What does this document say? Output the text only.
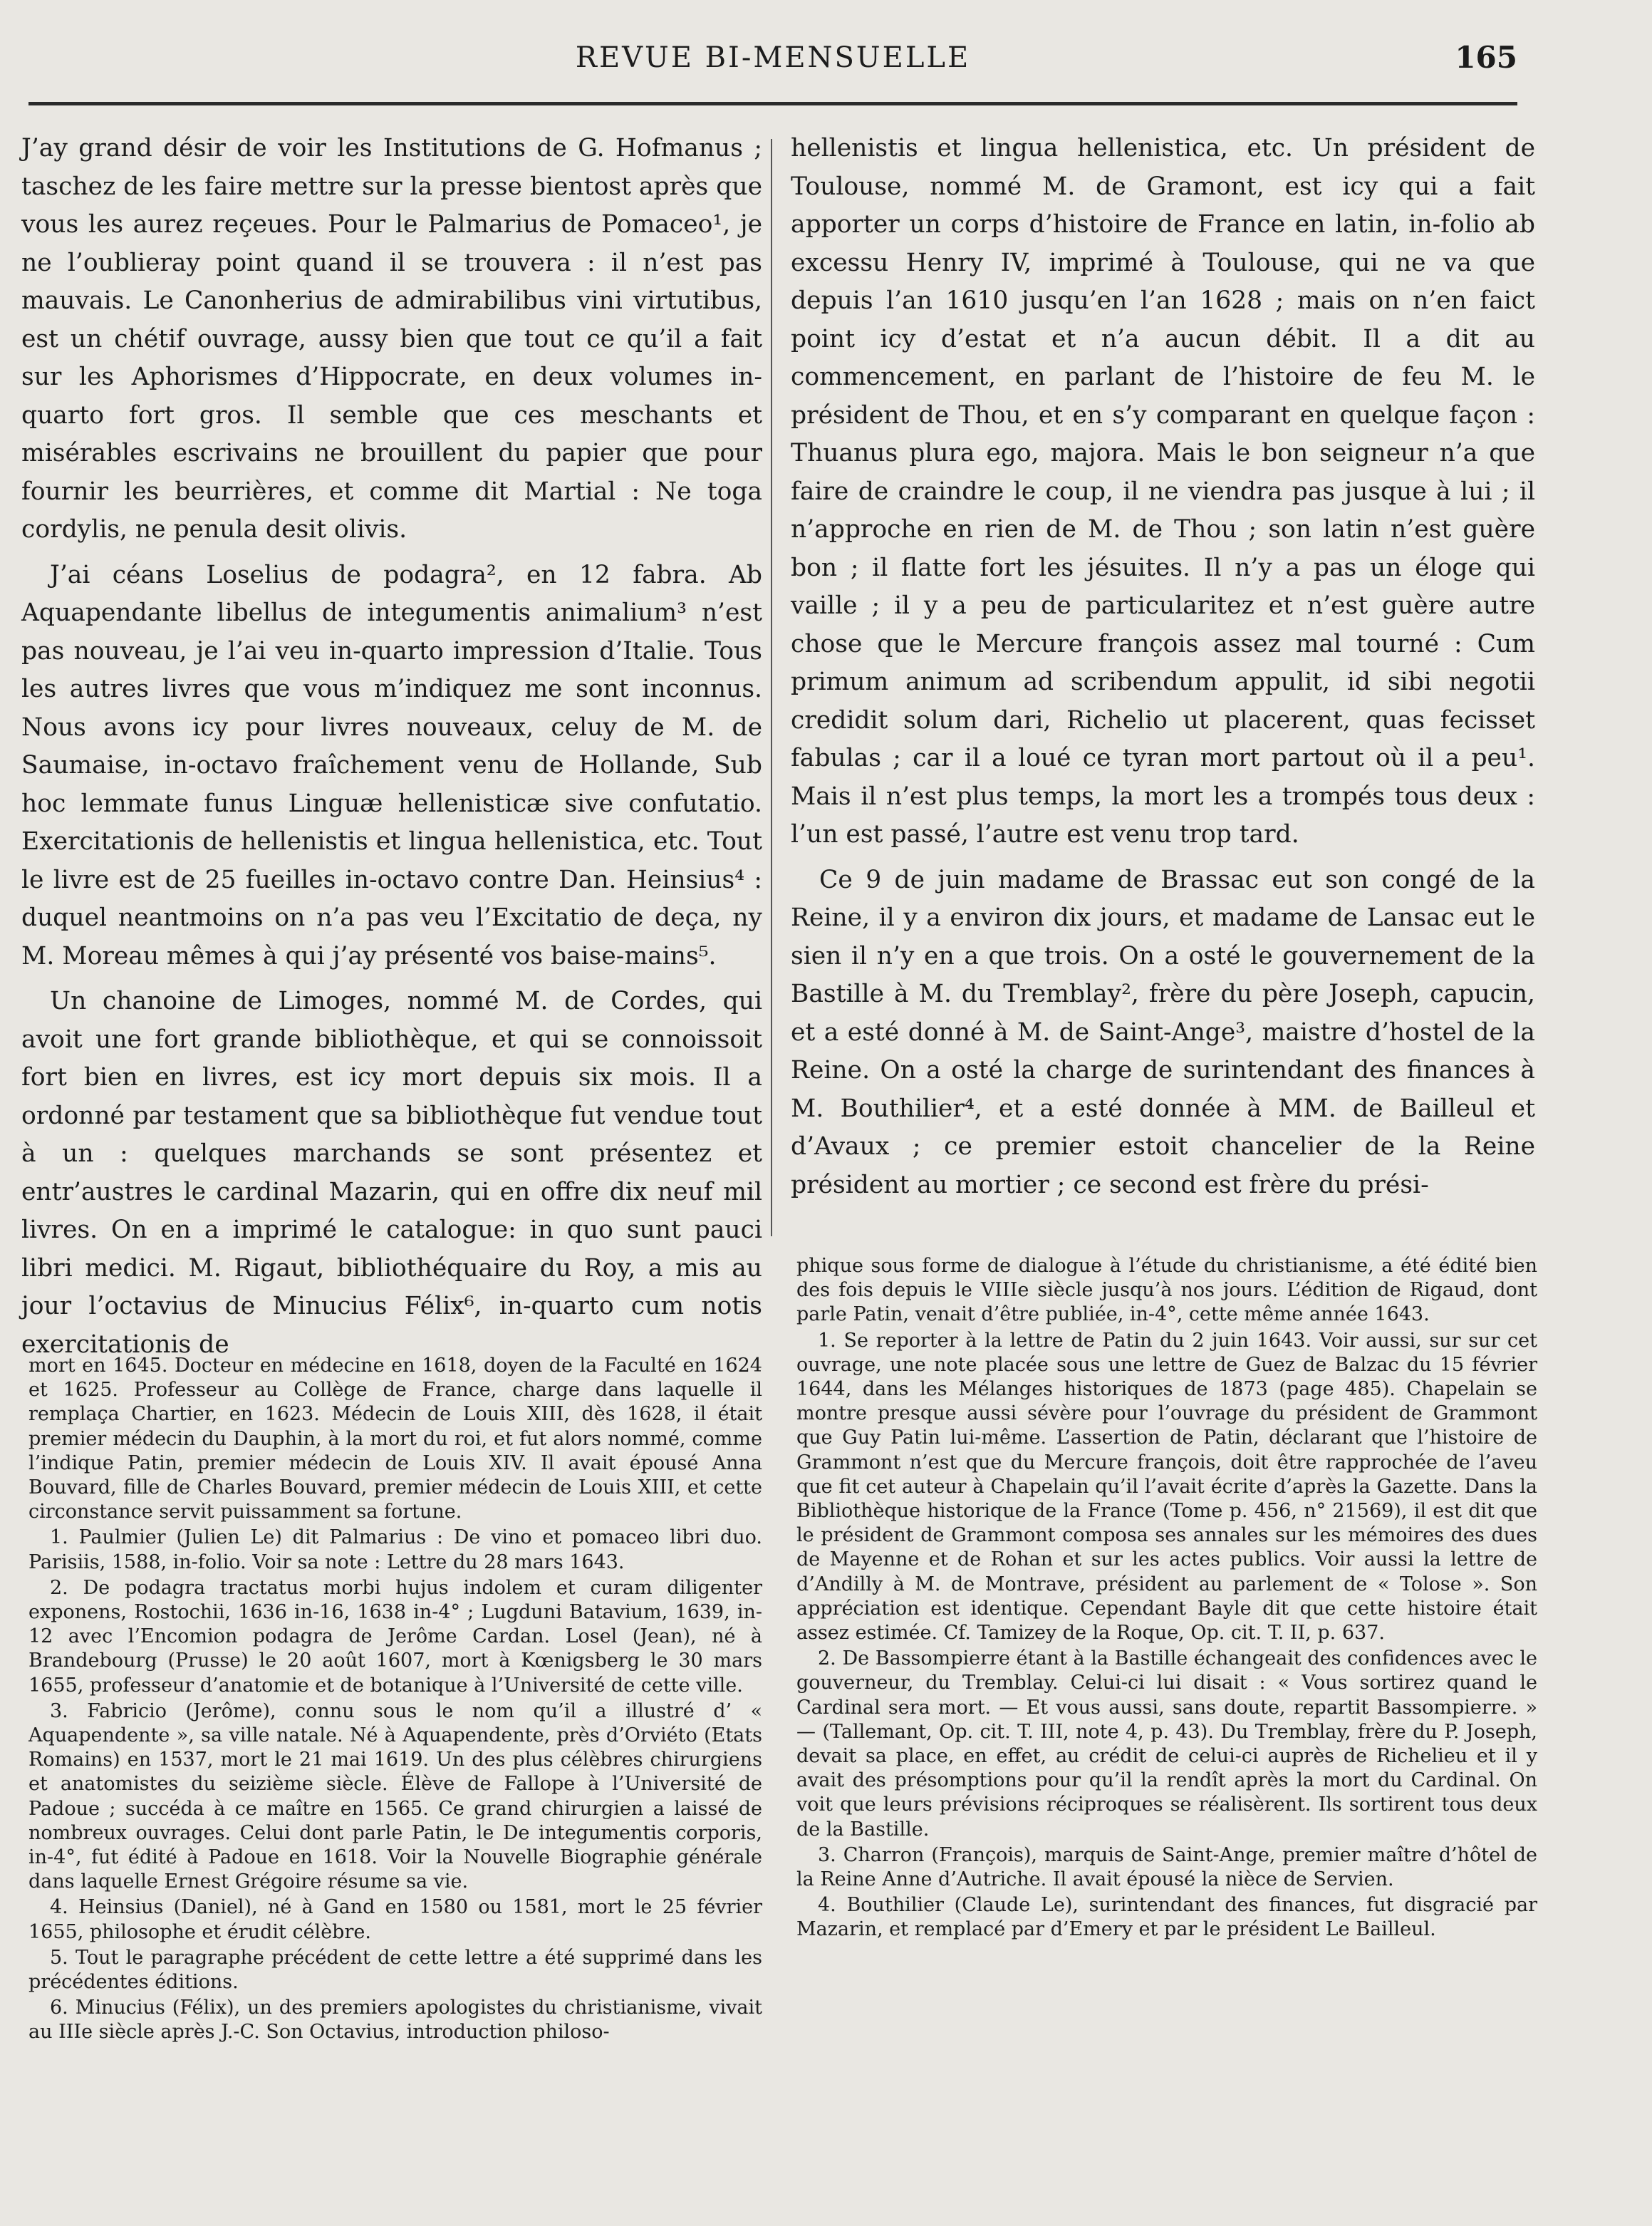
REVUE BI-MENSUELLE	165

J’ay grand désir de voir les Institutions de G. Hofmanus ; taschez de les faire mettre sur la presse bientost après que vous les aurez reçeues. Pour le Palmarius de Pomaceo¹, je ne l’oublieray point quand il se trouvera : il n’est pas mauvais. Le Canonherius de admirabilibus vini virtutibus, est un chétif ouvrage, aussy bien que tout ce qu’il a fait sur les Aphorismes d’Hippocrate, en deux volumes in-quarto fort gros. Il semble que ces meschants et misérables escrivains ne brouillent du papier que pour fournir les beurrières, et comme dit Martial : Ne toga cordylis, ne penula desit olivis.

J’ai céans Loselius de podagra², en 12 fabra. Ab Aquapendante libellus de integumentis animalium³ n’est pas nouveau, je l’ai veu in-quarto impression d’Italie. Tous les autres livres que vous m’indiquez me sont inconnus. Nous avons icy pour livres nouveaux, celuy de M. de Saumaise, in-octavo fraîchement venu de Hollande, Sub hoc lemmate funus Linguæ hellenisticæ sive confutatio. Exercitationis de hellenistis et lingua hellenistica, etc. Tout le livre est de 25 fueilles in-octavo contre Dan. Heinsius⁴ : duquel neantmoins on n’a pas veu l’Excitatio de deça, ny M. Moreau mêmes à qui j’ay présenté vos baise-mains⁵.

Un chanoine de Limoges, nommé M. de Cordes, qui avoit une fort grande bibliothèque, et qui se connoissoit fort bien en livres, est icy mort depuis six mois. Il a ordonné par testament que sa bibliothèque fut vendue tout à un : quelques marchands se sont présentez et entr’austres le cardinal Mazarin, qui en offre dix neuf mil livres. On en a imprimé le catalogue: in quo sunt pauci libri medici. M. Rigaut, bibliothéquaire du Roy, a mis au jour l’octavius de Minucius Félix⁶, in-quarto cum notis exercitationis de

hellenistis et lingua hellenistica, etc. Un président de Toulouse, nommé M. de Gramont, est icy qui a fait apporter un corps d’histoire de France en latin, in-folio ab excessu Henry IV, imprimé à Toulouse, qui ne va que depuis l’an 1610 jusqu’en l’an 1628 ; mais on n’en faict point icy d’estat et n’a aucun débit. Il a dit au commencement, en parlant de l’histoire de feu M. le président de Thou, et en s’y comparant en quelque façon : Thuanus plura ego, majora. Mais le bon seigneur n’a que faire de craindre le coup, il ne viendra pas jusque à lui ; il n’approche en rien de M. de Thou ; son latin n’est guère bon ; il flatte fort les jésuites. Il n’y a pas un éloge qui vaille ; il y a peu de particularitez et n’est guère autre chose que le Mercure françois assez mal tourné : Cum primum animum ad scribendum appulit, id sibi negotii credidit solum dari, Richelio ut placerent, quas fecisset fabulas ; car il a loué ce tyran mort partout où il a peu¹. Mais il n’est plus temps, la mort les a trompés tous deux : l’un est passé, l’autre est venu trop tard.

Ce 9 de juin madame de Brassac eut son congé de la Reine, il y a environ dix jours, et madame de Lansac eut le sien il n’y en a que trois. On a osté le gouvernement de la Bastille à M. du Tremblay², frère du père Joseph, capucin, et a esté donné à M. de Saint-Ange³, maistre d’hostel de la Reine. On a osté la charge de surintendant des finances à M. Bouthilier⁴, et a esté donnée à MM. de Bailleul et d’Avaux ; ce premier estoit chancelier de la Reine président au mortier ; ce second est frère du prési-

mort en 1645. Docteur en médecine en 1618, doyen de la Faculté en 1624 et 1625. Professeur au Collège de France, charge dans laquelle il remplaça Chartier, en 1623. Médecin de Louis XIII, dès 1628, il était premier médecin du Dauphin, à la mort du roi, et fut alors nommé, comme l’indique Patin, premier médecin de Louis XIV. Il avait épousé Anna Bouvard, fille de Charles Bouvard, premier médecin de Louis XIII, et cette circonstance servit puissamment sa fortune.

1. Paulmier (Julien Le) dit Palmarius : De vino et pomaceo libri duo. Parisiis, 1588, in-folio. Voir sa note : Lettre du 28 mars 1643.

2. De podagra tractatus morbi hujus indolem et curam diligenter exponens, Rostochii, 1636 in-16, 1638 in-4° ; Lugduni Batavium, 1639, in-12 avec l’Encomion podagra de Jerôme Cardan. Losel (Jean), né à Brandebourg (Prusse) le 20 août 1607, mort à Kœnigsberg le 30 mars 1655, professeur d’anatomie et de botanique à l’Université de cette ville.

3. Fabricio (Jerôme), connu sous le nom qu’il a illustré d’ « Aquapendente », sa ville natale. Né à Aquapendente, près d’Orviéto (Etats Romains) en 1537, mort le 21 mai 1619. Un des plus célèbres chirurgiens et anatomistes du seizième siècle. Élève de Fallope à l’Université de Padoue ; succéda à ce maître en 1565. Ce grand chirurgien a laissé de nombreux ouvrages. Celui dont parle Patin, le De integumentis corporis, in-4°, fut édité à Padoue en 1618. Voir la Nouvelle Biographie générale dans laquelle Ernest Grégoire résume sa vie.

4. Heinsius (Daniel), né à Gand en 1580 ou 1581, mort le 25 février 1655, philosophe et érudit célèbre.

5. Tout le paragraphe précédent de cette lettre a été supprimé dans les précédentes éditions.

6. Minucius (Félix), un des premiers apologistes du christianisme, vivait au IIIe siècle après J.-C. Son Octavius, introduction philoso-

phique sous forme de dialogue à l’étude du christianisme, a été édité bien des fois depuis le VIIIe siècle jusqu’à nos jours. L’édition de Rigaud, dont parle Patin, venait d’être publiée, in-4°, cette même année 1643.

1. Se reporter à la lettre de Patin du 2 juin 1643. Voir aussi, sur sur cet ouvrage, une note placée sous une lettre de Guez de Balzac du 15 février 1644, dans les Mélanges historiques de 1873 (page 485). Chapelain se montre presque aussi sévère pour l’ouvrage du président de Grammont que Guy Patin lui-même. L’assertion de Patin, déclarant que l’histoire de Grammont n’est que du Mercure françois, doit être rapprochée de l’aveu que fit cet auteur à Chapelain qu’il l’avait écrite d’après la Gazette. Dans la Bibliothèque historique de la France (Tome p. 456, n° 21569), il est dit que le président de Grammont composa ses annales sur les mémoires des dues de Mayenne et de Rohan et sur les actes publics. Voir aussi la lettre de d’Andilly à M. de Montrave, président au parlement de « Tolose ». Son appréciation est identique. Cependant Bayle dit que cette histoire était assez estimée. Cf. Tamizey de la Roque, Op. cit. T. II, p. 637.

2. De Bassompierre étant à la Bastille échangeait des confidences avec le gouverneur, du Tremblay. Celui-ci lui disait : « Vous sortirez quand le Cardinal sera mort. — Et vous aussi, sans doute, repartit Bassompierre. » — (Tallemant, Op. cit. T. III, note 4, p. 43). Du Tremblay, frère du P. Joseph, devait sa place, en effet, au crédit de celui-ci auprès de Richelieu et il y avait des présomptions pour qu’il la rendît après la mort du Cardinal. On voit que leurs prévisions réciproques se réalisèrent. Ils sortirent tous deux de la Bastille.

3. Charron (François), marquis de Saint-Ange, premier maître d’hôtel de la Reine Anne d’Autriche. Il avait épousé la nièce de Servien.

4. Bouthilier (Claude Le), surintendant des finances, fut disgracié par Mazarin, et remplacé par d’Emery et par le président Le Bailleul.
